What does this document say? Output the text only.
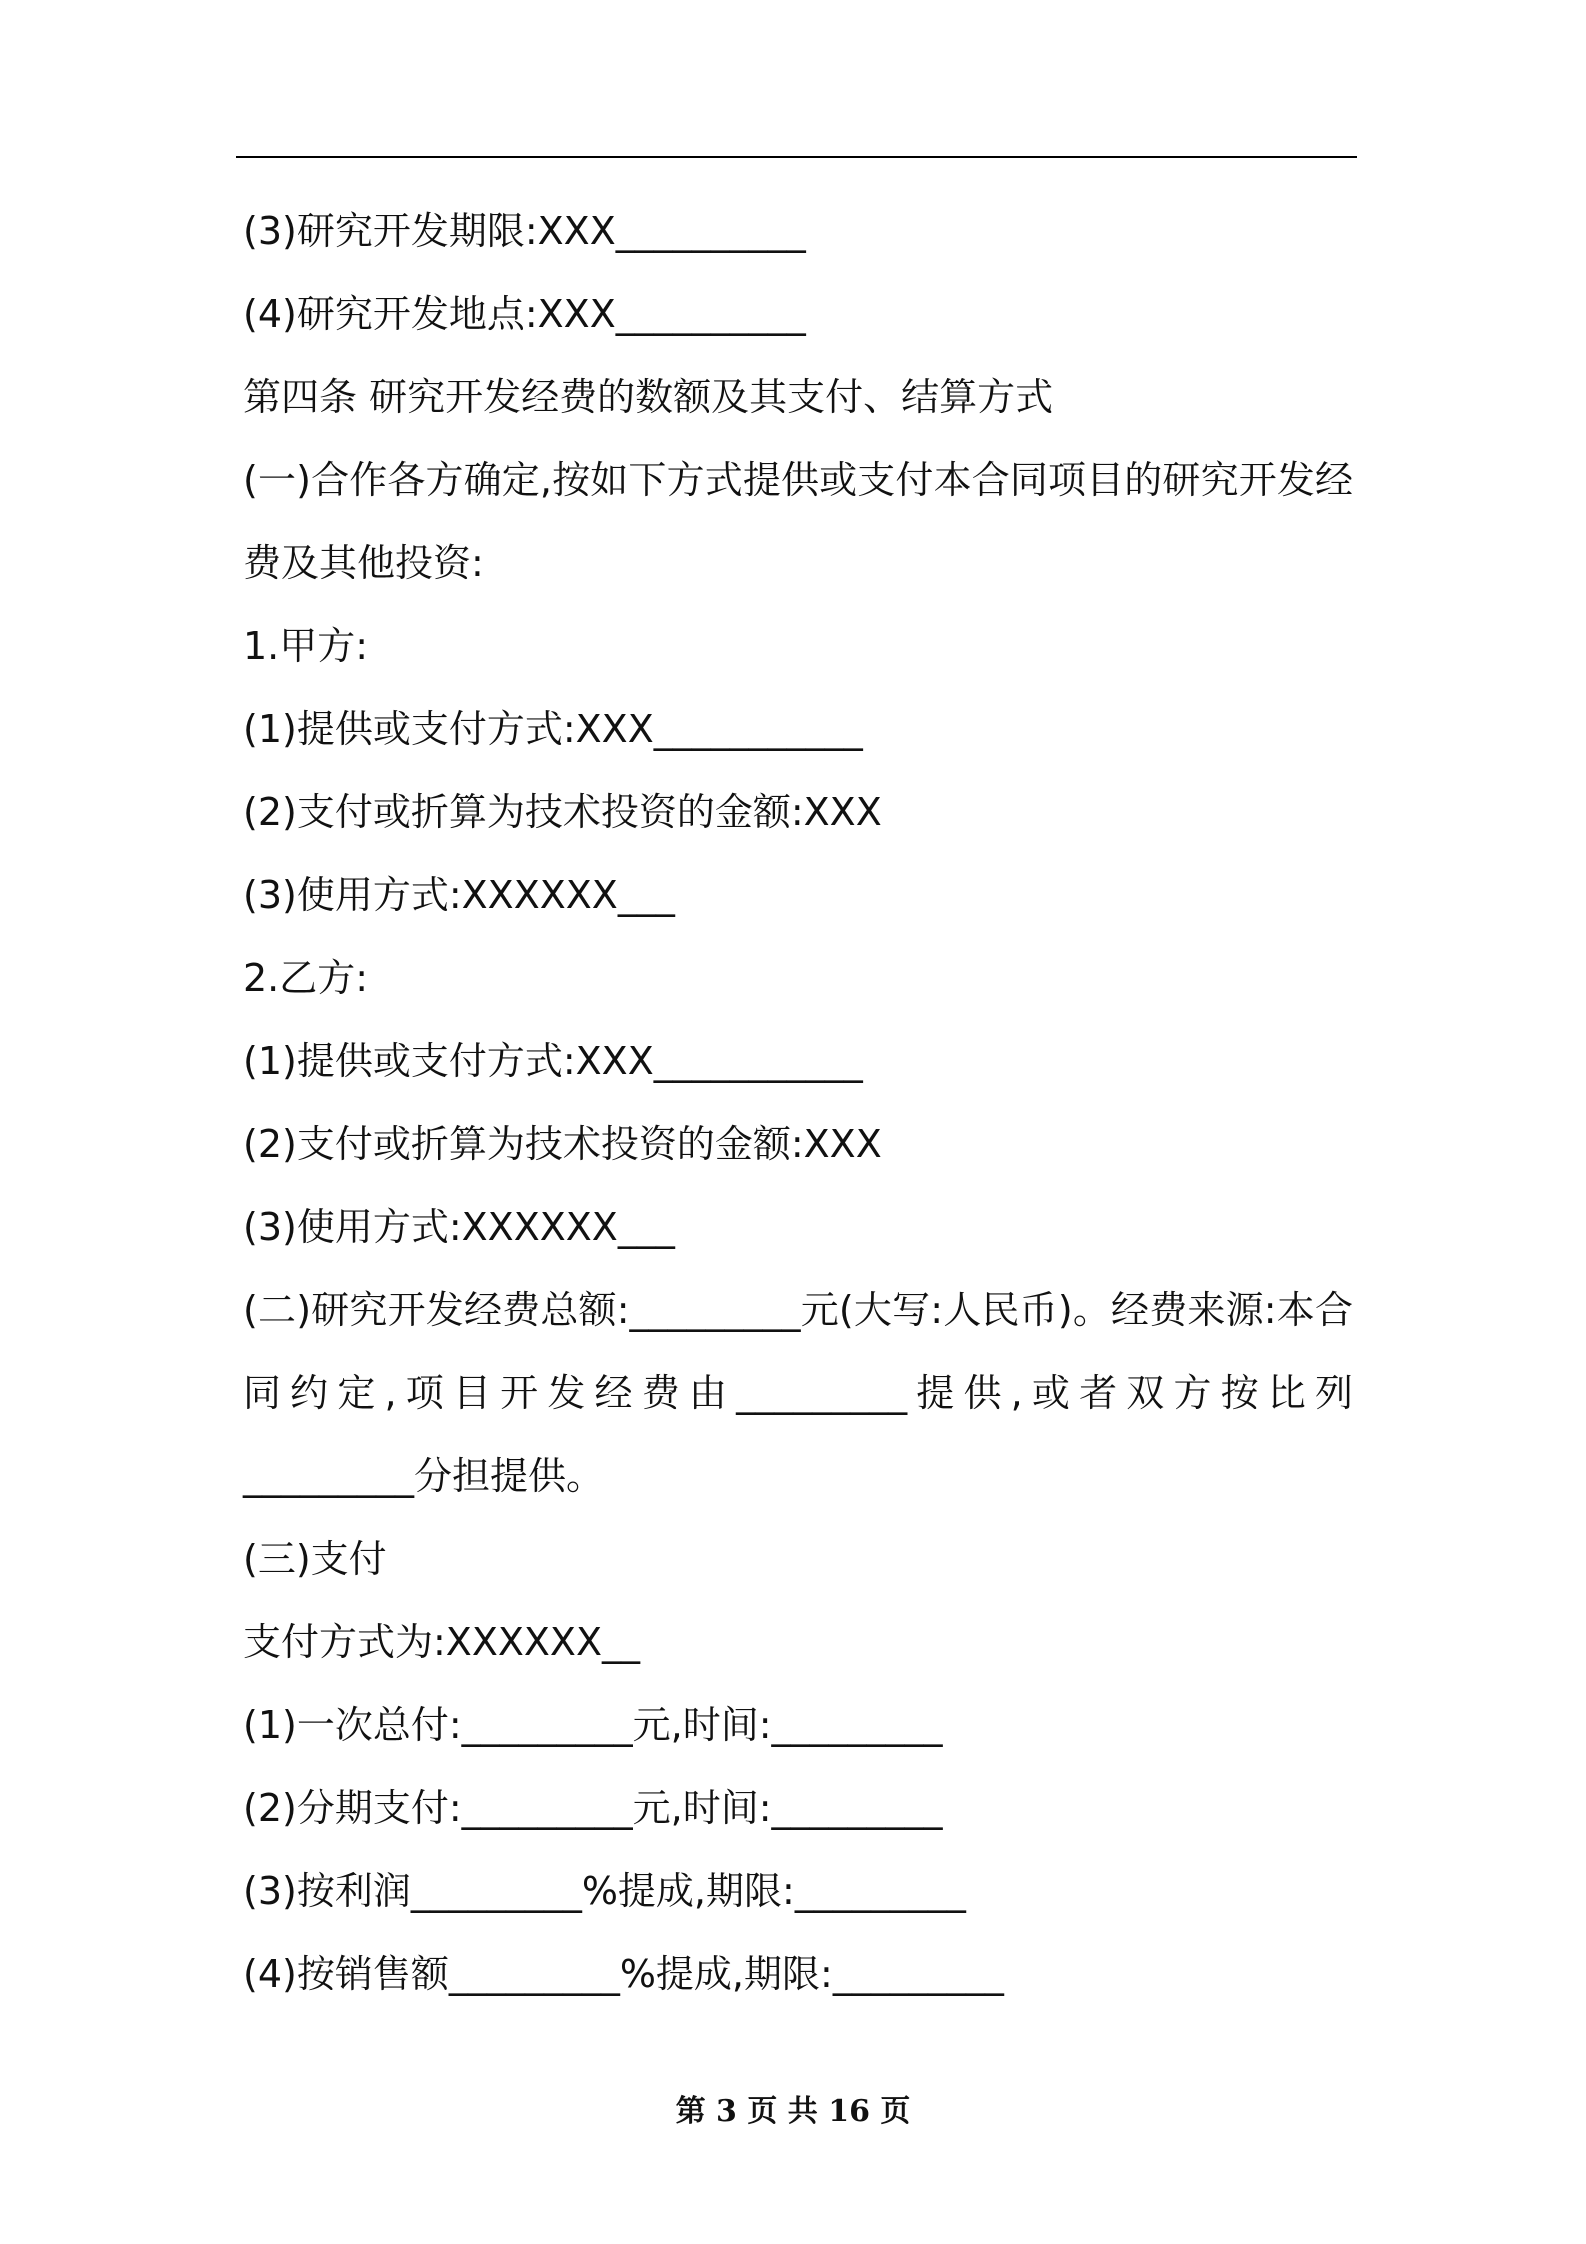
(3)研究开发期限:XXX__________
(4)研究开发地点:XXX__________
第四条 研究开发经费的数额及其支付、结算方式
(一)合作各方确定,按如下方式提供或支付本合同项目的研究开发经
费及其他投资:
1.甲方:
(1)提供或支付方式:XXX___________
(2)支付或折算为技术投资的金额:XXX
(3)使用方式:XXXXXX___
2.乙方:
(1)提供或支付方式:XXX___________
(2)支付或折算为技术投资的金额:XXX
(3)使用方式:XXXXXX___
(二)研究开发经费总额:_________元(大写:人民币)。经费来源:本合
同约定,项目开发经费由_________提供,或者双方按比列
_________分担提供。
(三)支付
支付方式为:XXXXXX__
(1)一次总付:_________元,时间:_________
(2)分期支付:_________元,时间:_________
(3)按利润_________%提成,期限:_________
(4)按销售额_________%提成,期限:_________
第 3 页 共 16 页
